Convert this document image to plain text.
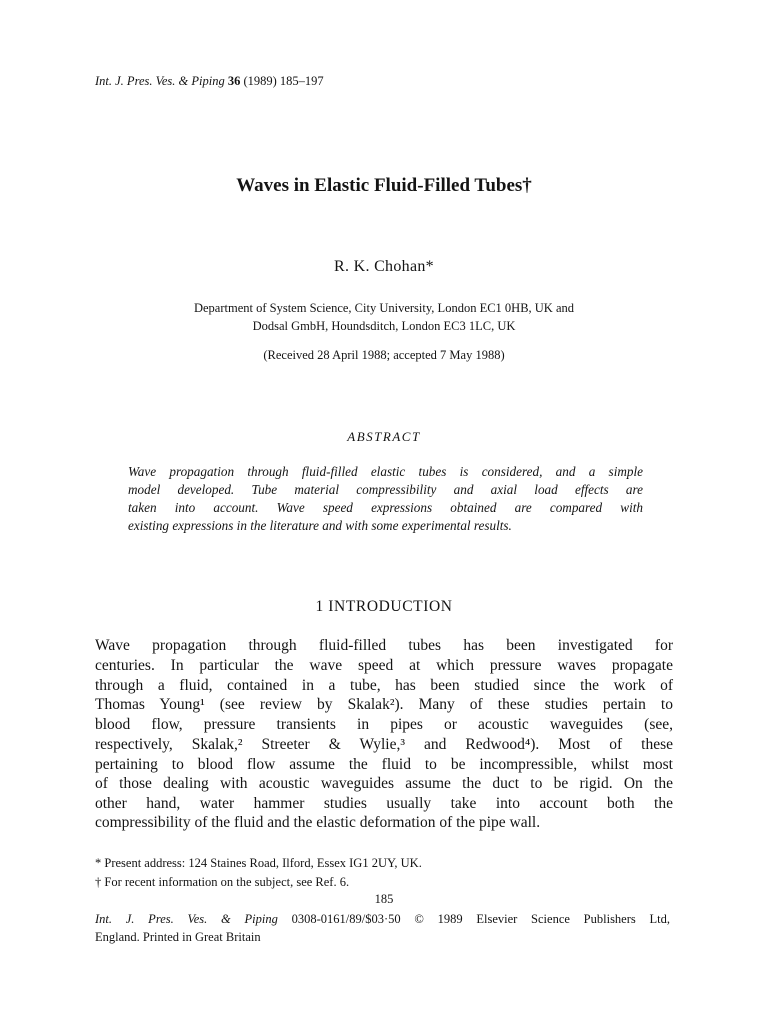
Int. J. Pres. Ves. & Piping 36 (1989) 185–197
Waves in Elastic Fluid-Filled Tubes†
R. K. Chohan*
Department of System Science, City University, London EC1 0HB, UK and
Dodsal GmbH, Houndsditch, London EC3 1LC, UK
(Received 28 April 1988; accepted 7 May 1988)
ABSTRACT
Wave propagation through fluid-filled elastic tubes is considered, and a simple
model developed. Tube material compressibility and axial load effects are
taken into account. Wave speed expressions obtained are compared with
existing expressions in the literature and with some experimental results.
1 INTRODUCTION
Wave propagation through fluid-filled tubes has been investigated for
centuries. In particular the wave speed at which pressure waves propagate
through a fluid, contained in a tube, has been studied since the work of
Thomas Young¹ (see review by Skalak²). Many of these studies pertain to
blood flow, pressure transients in pipes or acoustic waveguides (see,
respectively, Skalak,² Streeter & Wylie,³ and Redwood⁴). Most of these
pertaining to blood flow assume the fluid to be incompressible, whilst most
of those dealing with acoustic waveguides assume the duct to be rigid. On the
other hand, water hammer studies usually take into account both the
compressibility of the fluid and the elastic deformation of the pipe wall.
* Present address: 124 Staines Road, Ilford, Essex IG1 2UY, UK.
† For recent information on the subject, see Ref. 6.
185
Int. J. Pres. Ves. & Piping 0308-0161/89/$03·50 © 1989 Elsevier Science Publishers Ltd,
England. Printed in Great Britain
